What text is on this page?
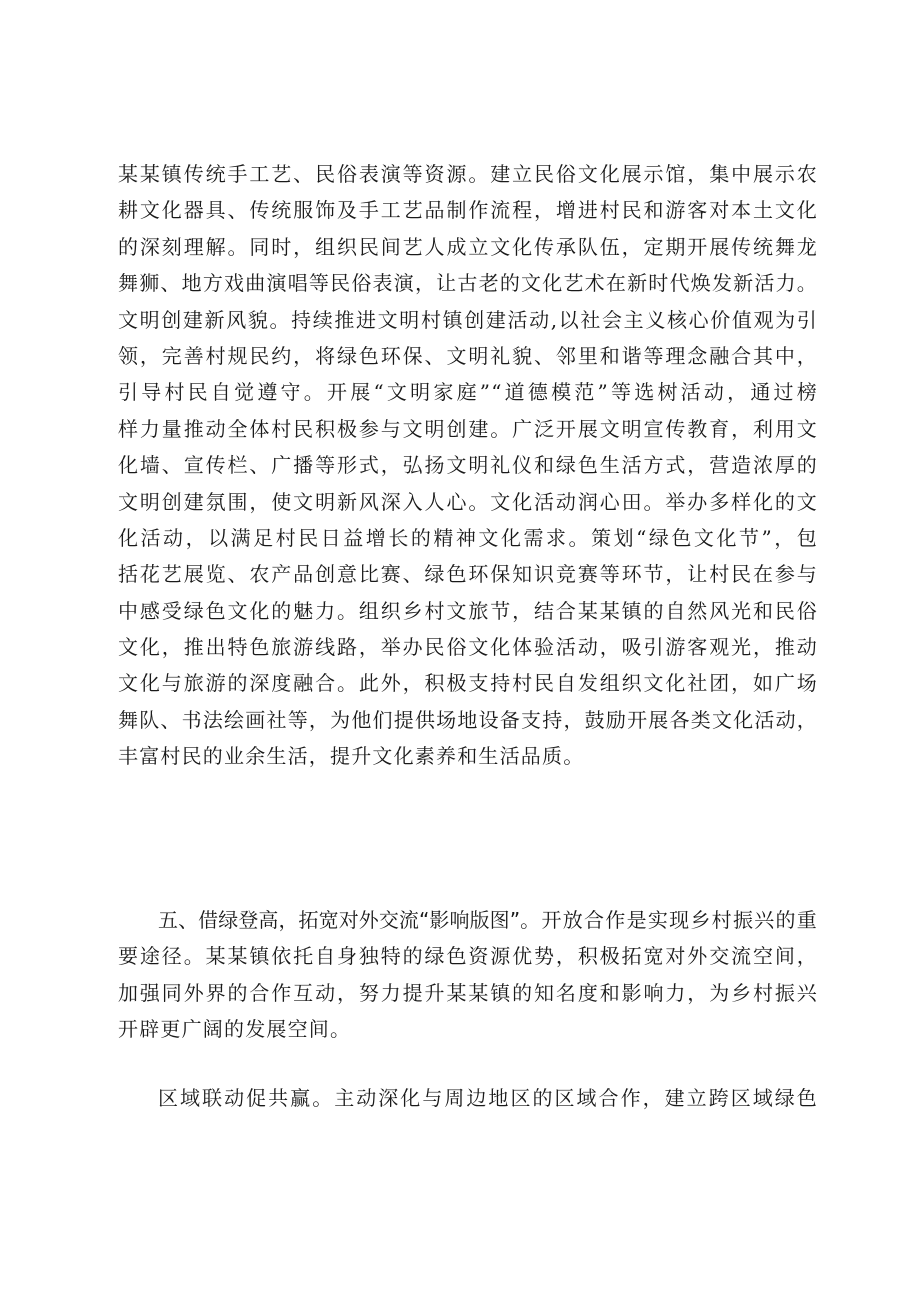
某某镇传统手工艺、民俗表演等资源。建立民俗文化展示馆，集中展示农
耕文化器具、传统服饰及手工艺品制作流程，增进村民和游客对本土文化
的深刻理解。同时，组织民间艺人成立文化传承队伍，定期开展传统舞龙
舞狮、地方戏曲演唱等民俗表演，让古老的文化艺术在新时代焕发新活力。
文明创建新风貌。持续推进文明村镇创建活动,以社会主义核心价值观为引
领，完善村规民约，将绿色环保、文明礼貌、邻里和谐等理念融合其中，
引导村民自觉遵守。开展“文明家庭”“道德模范”等选树活动，通过榜
样力量推动全体村民积极参与文明创建。广泛开展文明宣传教育，利用文
化墙、宣传栏、广播等形式，弘扬文明礼仪和绿色生活方式，营造浓厚的
文明创建氛围，使文明新风深入人心。文化活动润心田。举办多样化的文
化活动，以满足村民日益增长的精神文化需求。策划“绿色文化节”，包
括花艺展览、农产品创意比赛、绿色环保知识竞赛等环节，让村民在参与
中感受绿色文化的魅力。组织乡村文旅节，结合某某镇的自然风光和民俗
文化，推出特色旅游线路，举办民俗文化体验活动，吸引游客观光，推动
文化与旅游的深度融合。此外，积极支持村民自发组织文化社团，如广场
舞队、书法绘画社等，为他们提供场地设备支持，鼓励开展各类文化活动，
丰富村民的业余生活，提升文化素养和生活品质。
五、借绿登高，拓宽对外交流“影响版图”。开放合作是实现乡村振兴的重
要途径。某某镇依托自身独特的绿色资源优势，积极拓宽对外交流空间，
加强同外界的合作互动，努力提升某某镇的知名度和影响力，为乡村振兴
开辟更广阔的发展空间。
区域联动促共赢。主动深化与周边地区的区域合作，建立跨区域绿色
